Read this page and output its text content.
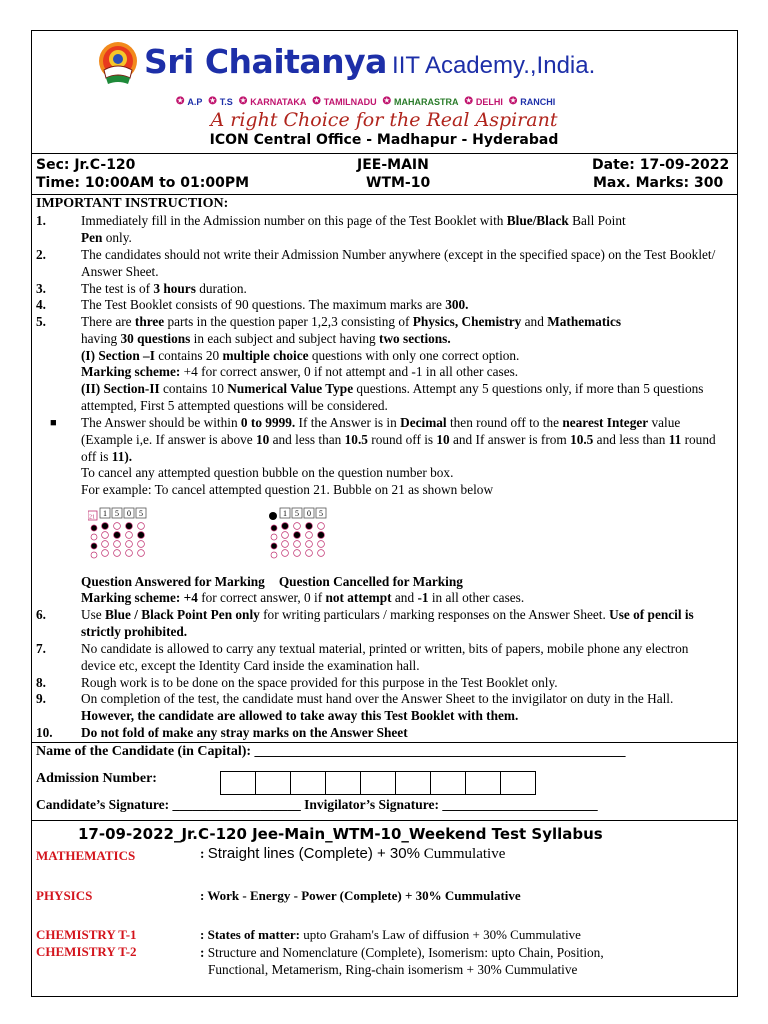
Sri Chaitanya IIT Academy.,India.
✪ A.P ✪ T.S ✪ KARNATAKA ✪ TAMILNADU ✪ MAHARASTRA ✪ DELHI ✪ RANCHI
A right Choice for the Real Aspirant
ICON Central Office - Madhapur - Hyderabad
Sec: Jr.C-120	JEE-MAIN	Date: 17-09-2022
Time: 10:00AM to 01:00PM	WTM-10	Max. Marks: 300
IMPORTANT INSTRUCTION:
1.	Immediately fill in the Admission number on this page of the Test Booklet with Blue/Black Ball Point
Pen only.
2.	The candidates should not write their Admission Number anywhere (except in the specified space) on the Test Booklet/ Answer Sheet.
3.	The test is of 3 hours duration.
4.	The Test Booklet consists of 90 questions. The maximum marks are 300.
5.	There are three parts in the question paper 1,2,3 consisting of Physics, Chemistry and Mathematics
having 30 questions in each subject and subject having two sections.
(I) Section –I contains 20 multiple choice questions with only one correct option.
Marking scheme: +4 for correct answer, 0 if not attempt and -1 in all other cases.
(II) Section-II contains 10 Numerical Value Type questions. Attempt any 5 questions only, if more than 5 questions attempted, First 5 attempted questions will be considered.
■ The Answer should be within 0 to 9999. If the Answer is in Decimal then round off to the nearest Integer value (Example i,e. If answer is above 10 and less than 10.5 round off is 10 and If answer is from 10.5 and less than 11 round off is 11).
To cancel any attempted question bubble on the question number box.
For example: To cancel attempted question 21. Bubble on 21 as shown below
21 1 5 0 5	1 5 0 5
Question Answered for Marking Question Cancelled for Marking
Marking scheme: +4 for correct answer, 0 if not attempt and -1 in all other cases.
6.	Use Blue / Black Point Pen only for writing particulars / marking responses on the Answer Sheet. Use of pencil is strictly prohibited.
7.	No candidate is allowed to carry any textual material, printed or written, bits of papers, mobile phone any electron device etc, except the Identity Card inside the examination hall.
8.	Rough work is to be done on the space provided for this purpose in the Test Booklet only.
9.	On completion of the test, the candidate must hand over the Answer Sheet to the invigilator on duty in the Hall. However, the candidate are allowed to take away this Test Booklet with them.
10. Do not fold of make any stray marks on the Answer Sheet
Name of the Candidate (in Capital): _____________________________________________________
Admission Number:
Candidate’s Signature: ___________________ Invigilator’s Signature: _______________________
17-09-2022_Jr.C-120 Jee-Main_WTM-10_Weekend Test Syllabus
MATHEMATICS	: Straight lines (Complete) + 30% Cummulative
PHYSICS	: Work - Energy - Power (Complete) + 30% Cummulative
CHEMISTRY T-1	: States of matter: upto Graham's Law of diffusion + 30% Cummulative
CHEMISTRY T-2	: Structure and Nomenclature (Complete), Isomerism: upto Chain, Position,
Functional, Metamerism, Ring-chain isomerism + 30% Cummulative
